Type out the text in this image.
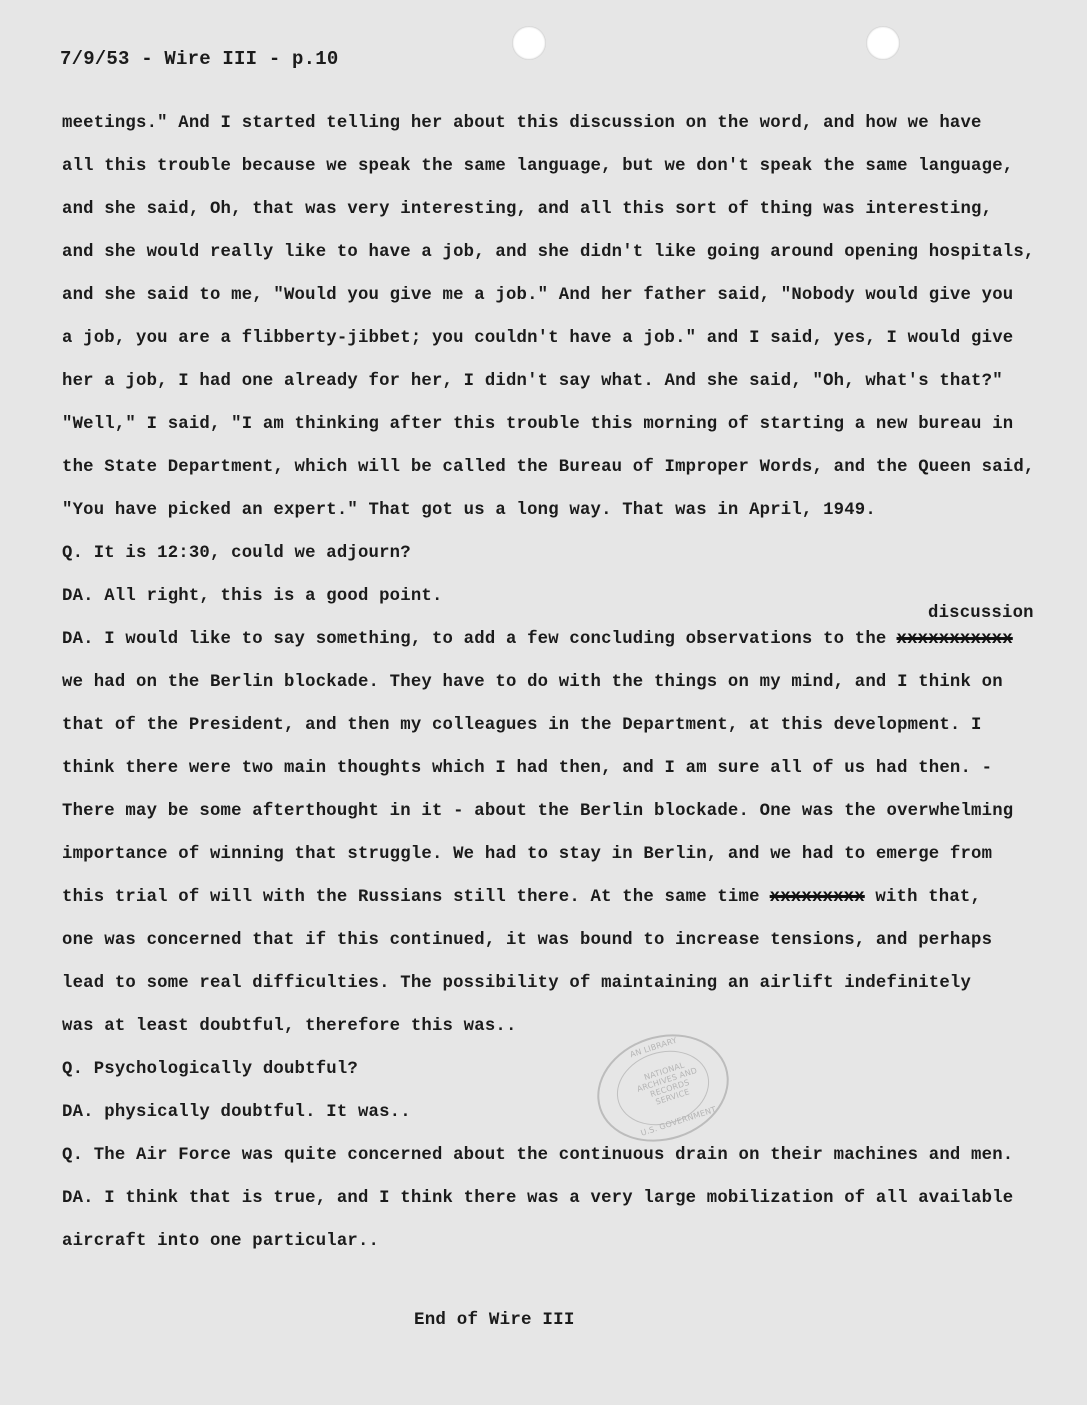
7/9/53 - Wire III - p.10
meetings." And I started telling her about this discussion on the word, and how we have
all this trouble because we speak the same language, but we don't speak the same language,
and she said, Oh, that was very interesting, and all this sort of thing was interesting,
and she would really like to have a job, and she didn't like going around opening hospitals,
and she said to me, "Would you give me a job." And her father said, "Nobody would give you
a job, you are a flibberty-jibbet; you couldn't have a job." and I said, yes, I would give
her a job, I had one already for her, I didn't say what. And she said, "Oh, what's that?"
"Well," I said, "I am thinking after this trouble this morning of starting a new bureau in
the State Department, which will be called the Bureau of Improper Words, and the Queen said,
"You have picked an expert." That got us a long way. That was in April, 1949.
Q. It is 12:30, could we adjourn?
DA. All right, this is a good point.
DA. I would like to say something, to add a few concluding observations to the xxxxxxxxxxx
we had on the Berlin blockade. They have to do with the things on my mind, and I think on
that of the President, and then my colleagues in the Department, at this development. I
think there were two main thoughts which I had then, and I am sure all of us had then. -
There may be some afterthought in it - about the Berlin blockade. One was the overwhelming
importance of winning that struggle. We had to stay in Berlin, and we had to emerge from
this trial of will with the Russians still there. At the same time xxxxxxxxx with that,
one was concerned that if this continued, it was bound to increase tensions, and perhaps
lead to some real difficulties. The possibility of maintaining an airlift indefinitely
was at least doubtful, therefore this was..
Q. Psychologically doubtful?
DA. physically doubtful. It was..
Q. The Air Force was quite concerned about the continuous drain on their machines and men.
DA. I think that is true, and I think there was a very large mobilization of all available
aircraft into one particular..
discussion
End of Wire III
AN LIBRARY
NATIONAL
ARCHIVES AND
RECORDS
SERVICE
U.S. GOVERNMENT
